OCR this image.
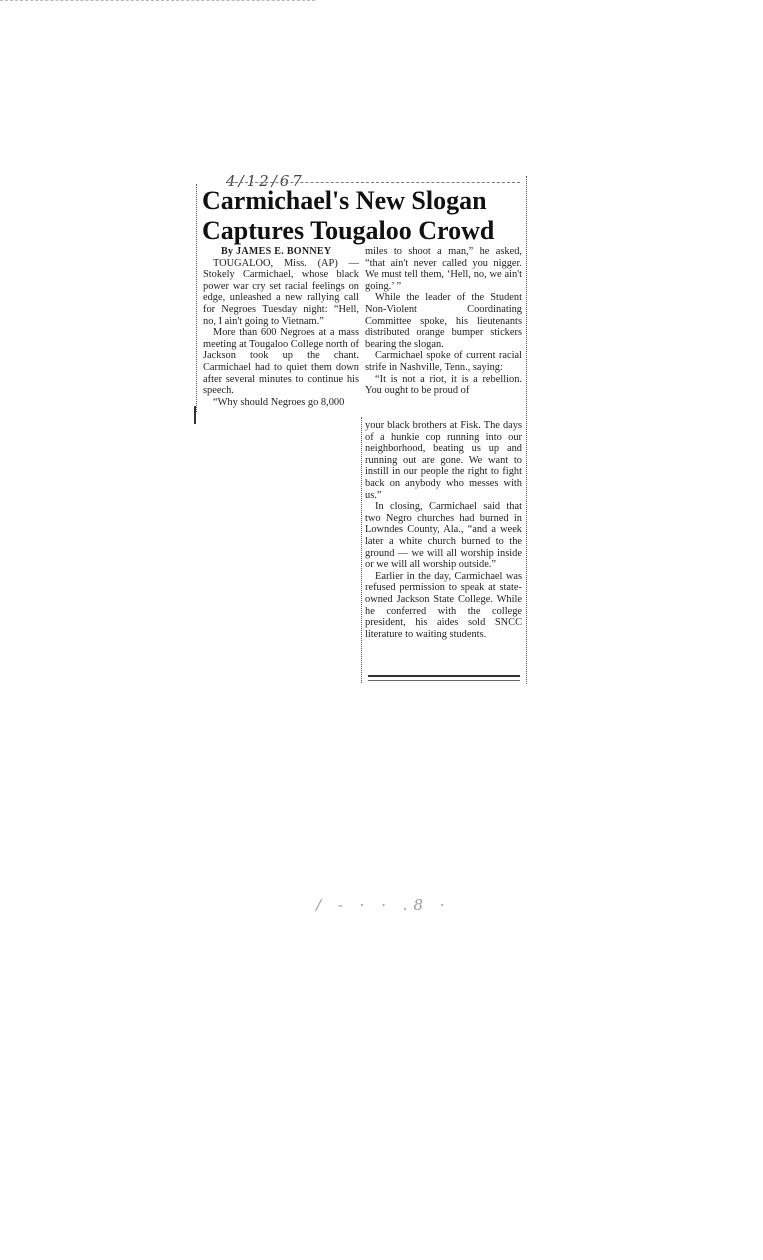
4/12/67
Carmichael's New Slogan
Captures Tougaloo Crowd

By JAMES E. BONNEY

TOUGALOO, Miss. (AP) — Stokely Carmichael, whose black power war cry set racial feelings on edge, unleashed a new rallying call for Negroes Tuesday night: “Hell, no, I ain't going to Vietnam.”

More than 600 Negroes at a mass meeting at Tougaloo College north of Jackson took up the chant. Carmichael had to quiet them down after several minutes to continue his speech.

“Why should Negroes go 8,000

miles to shoot a man,” he asked, “that ain't never called you nigger. We must tell them, ‘Hell, no, we ain't going.’ ”

While the leader of the Student Non-Violent Coordinating Committee spoke, his lieutenants distributed orange bumper stickers bearing the slogan.

Carmichael spoke of current racial strife in Nashville, Tenn., saying:

“It is not a riot, it is a rebellion. You ought to be proud of

your black brothers at Fisk. The days of a hunkie cop running into our neighborhood, beating us up and running out are gone. We want to instill in our people the right to fight back on anybody who messes with us.”

In closing, Carmichael said that two Negro churches had burned in Lowndes County, Ala., “and a week later a white church burned to the ground — we will all worship inside or we will all worship outside.”

Earlier in the day, Carmichael was refused permission to speak at state-owned Jackson State College. While he conferred with the college president, his aides sold SNCC literature to waiting students.

/ - · · .8 ·
